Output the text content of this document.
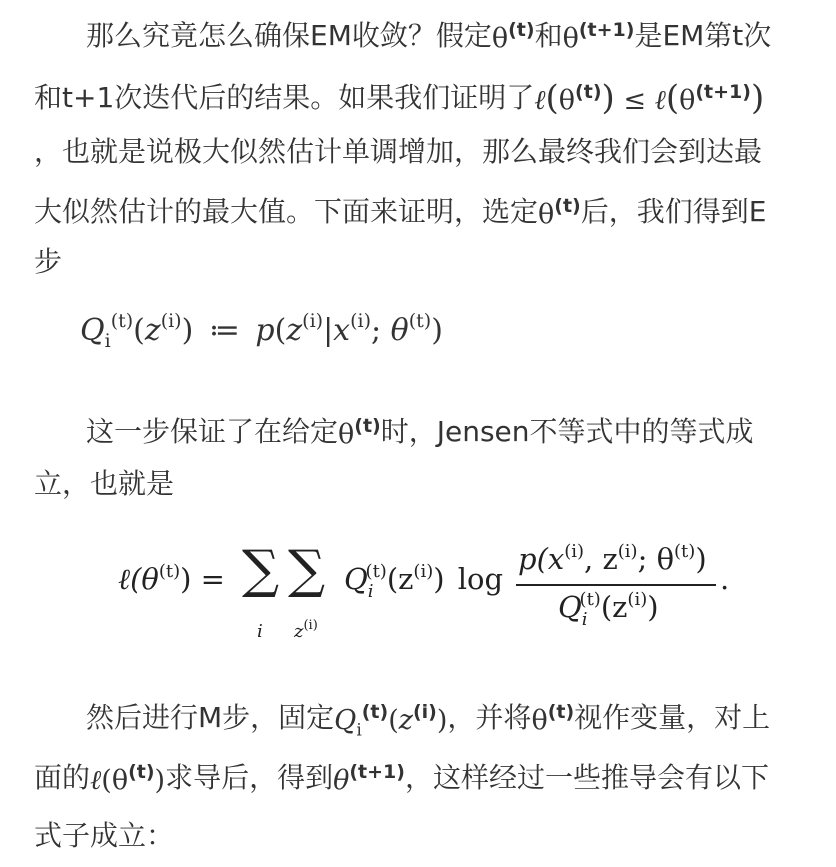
那么究竟怎么确保EM收敛？假定$\theta^{(t)}$和$\theta^{(t+1)}$是EM第t次
和t+1次迭代后的结果。如果我们证明了$\ell(\theta^{(t)})$ ≤ $\ell(\theta^{(t+1)})$
，也就是说极大似然估计单调增加，那么最终我们会到达最
大似然估计的最大值。下面来证明，选定$\theta^{(t)}$后，我们得到E
步
$Q_i^{(t)}(z^{(i)})$ ≔ $p(z^{(i)}|x^{(i)}$; $\theta^{(t)}$)
这一步保证了在给定$\theta^{(t)}$时，Jensen不等式中的等式成
立，也就是
$\ell(\theta^{(t)})$ = ∑
i
∑
$z^{(i)}$
$Q_i^{(t)}(z^{(i)})$ log
$p(x^{(i)}$, $z^{(i)}$; $\theta^{(t)}$)
$Q_i^{(t)}(z^{(i)})$
.
然后进行M步，固定$Q_i^{(t)}(z^{(i)})$，并将$\theta^{(t)}$视作变量，对上
面的$\ell(\theta^{(t)})$求导后，得到$\theta^{(t+1)}$，这样经过一些推导会有以下
式子成立：
